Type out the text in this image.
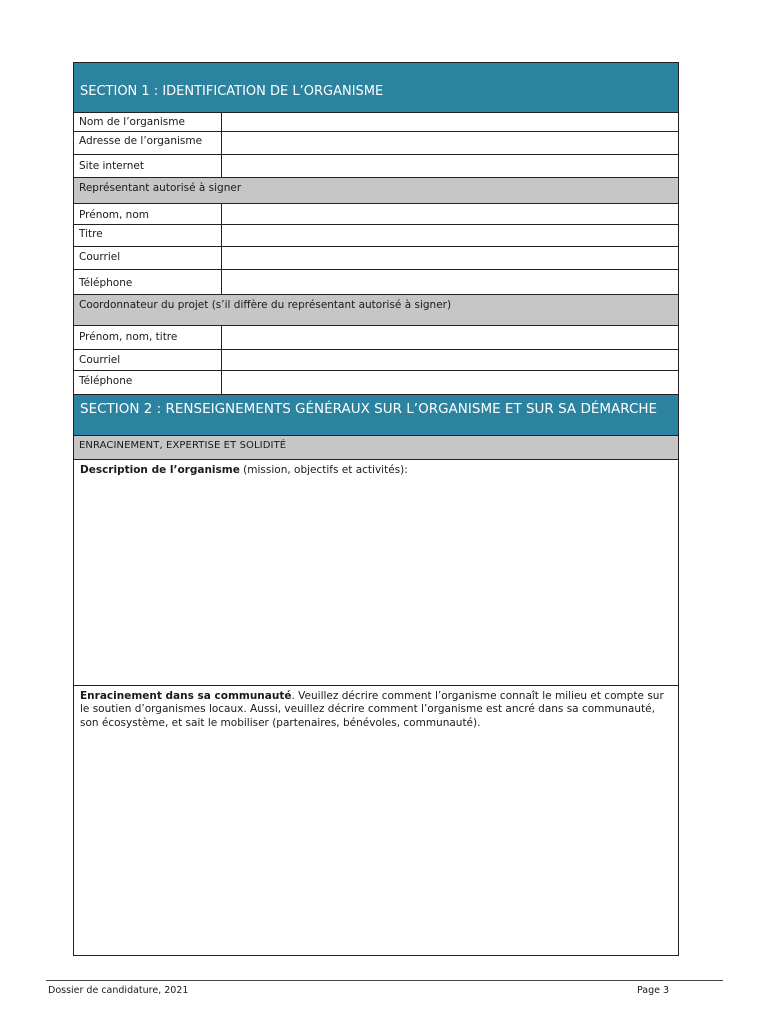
SECTION 1 : IDENTIFICATION DE L’ORGANISME
Nom de l’organisme
Adresse de l’organisme
Site internet
Représentant autorisé à signer
Prénom, nom
Titre
Courriel
Téléphone
Coordonnateur du projet (s’il diffère du représentant autorisé à signer)
Prénom, nom, titre
Courriel
Téléphone
SECTION 2 : RENSEIGNEMENTS GÉNÉRAUX SUR L’ORGANISME ET SUR SA DÉMARCHE
ENRACINEMENT, EXPERTISE ET SOLIDITÉ
Description de l’organisme (mission, objectifs et activités):
Enracinement dans sa communauté. Veuillez décrire comment l’organisme connaît le milieu et compte sur le soutien d’organismes locaux. Aussi, veuillez décrire comment l’organisme est ancré dans sa communauté, son écosystème, et sait le mobiliser (partenaires, bénévoles, communauté).
Dossier de candidature, 2021	Page 3
